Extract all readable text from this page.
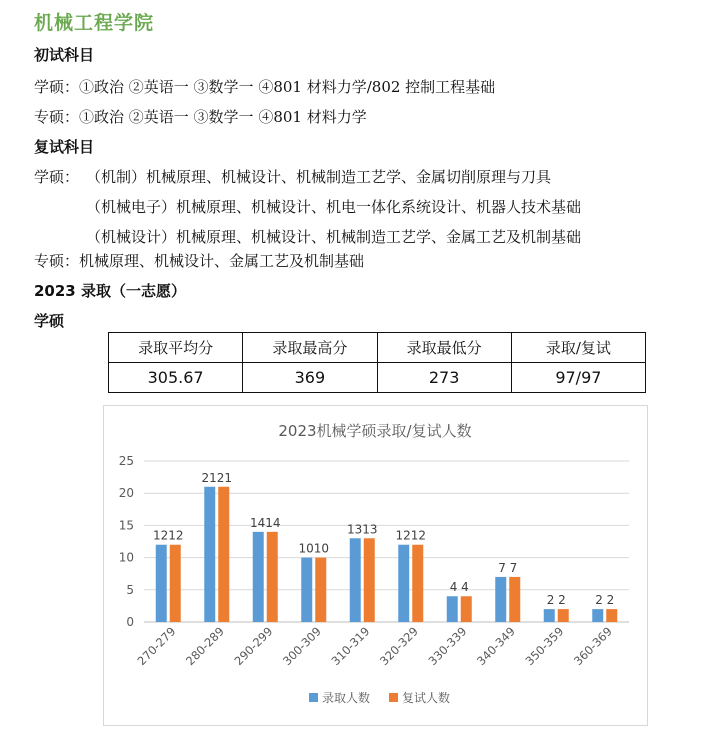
机械工程学院
初试科目
学硕：①政治 ②英语一 ③数学一 ④801 材料力学/802 控制工程基础
专硕：①政治 ②英语一 ③数学一 ④801 材料力学
复试科目
学硕： （机制）机械原理、机械设计、机械制造工艺学、金属切削原理与刀具
（机械电子）机械原理、机械设计、机电一体化系统设计、机器人技术基础
（机械设计）机械原理、机械设计、机械制造工艺学、金属工艺及机制基础
专硕：机械原理、机械设计、金属工艺及机制基础
2023 录取（一志愿）
学硕
录取平均分	录取最高分	录取最低分	录取/复试
305.67	369	273	97/97
2023机械学硕录取/复试人数
0
5
10
15
20
25
1212
270-279
2121
280-289
1414
290-299
1010
300-309
1313
310-319
1212
320-329
4 4
330-339
7 7
340-349
2 2
350-359
2 2
360-369
录取人数	复试人数
